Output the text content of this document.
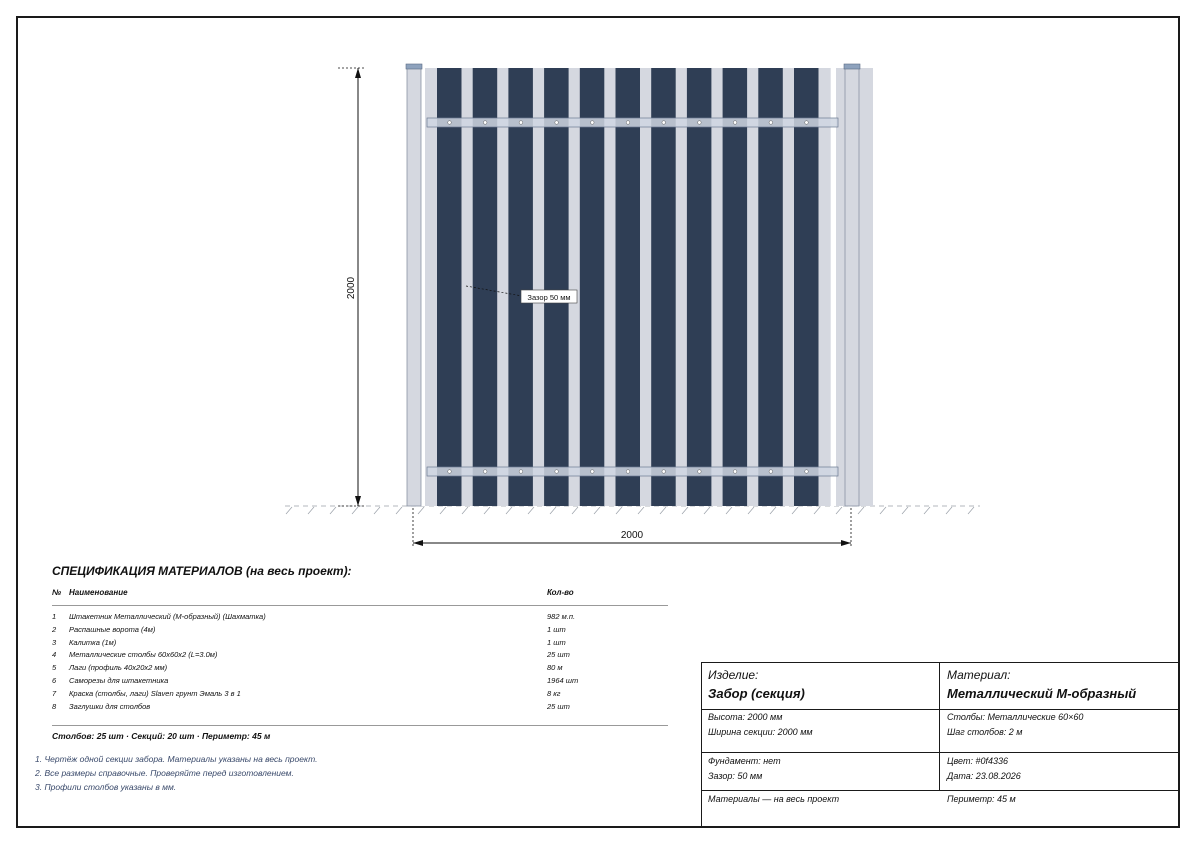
2000
2000
Зазор 50 мм
СПЕЦИФИКАЦИЯ МАТЕРИАЛОВ (на весь проект):
№ Наименование	Кол-во
1 Штакетник Металлический (М-образный) (Шахматка)	982 м.п.
2 Распашные ворота (4м)	1 шт
3 Калитка (1м)	1 шт
4 Металлические столбы 60x60x2 (L=3.0м)	25 шт
5 Лаги (профиль 40x20x2 мм)	80 м
6 Саморезы для штакетника	1964 шт
7 Краска (столбы, лаги) Slaven грунт Эмаль 3 в 1	8 кг
8 Заглушки для столбов	25 шт
Столбов: 25 шт · Секций: 20 шт · Периметр: 45 м
1. Чертёж одной секции забора. Материалы указаны на весь проект.
2. Все размеры справочные. Проверяйте перед изготовлением.
3. Профили столбов указаны в мм.
Изделие:
Забор (секция)
Материал:
Металлический М-образный
Высота: 2000 мм
Ширина секции: 2000 мм
Столбы: Металлические 60×60
Шаг столбов: 2 м
Фундамент: нет
Зазор: 50 мм
Цвет: #0f4336
Дата: 23.08.2026
Материалы — на весь проект	Периметр: 45 м
